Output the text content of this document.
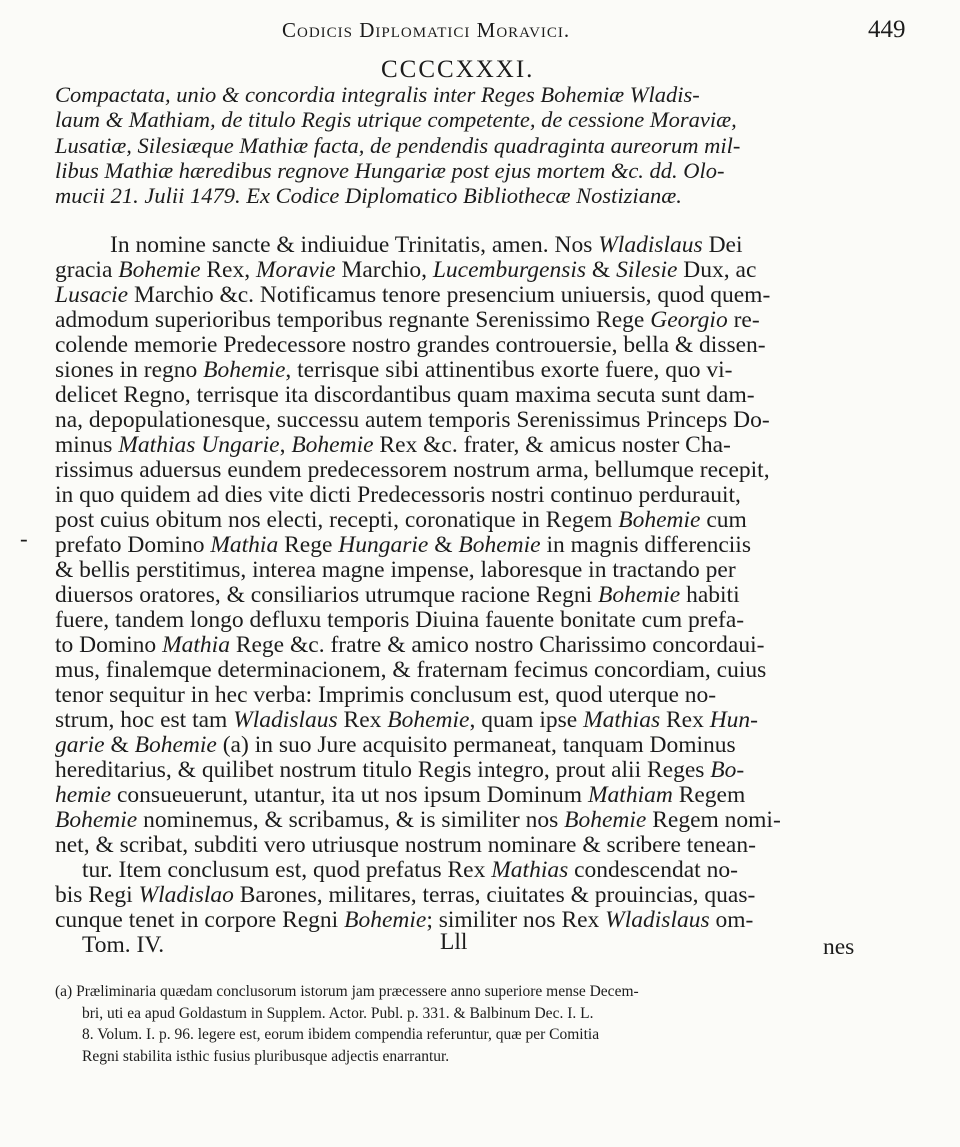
Codicis Diplomatici Moravici.	449
CCCCXXXI.
Compactata, unio & concordia integralis inter Reges Bohemiæ Wladis-
laum & Mathiam, de titulo Regis utrique competente, de cessione Moraviæ,
Lusatiæ, Silesiæque Mathiæ facta, de pendendis quadraginta aureorum mil-
libus Mathiæ hæredibus regnove Hungariæ post ejus mortem &c. dd. Olo-
mucii 21. Julii 1479. Ex Codice Diplomatico Bibliothecæ Nostizianæ.
In nomine sancte & indiuidue Trinitatis, amen. Nos Wladislaus Dei
gracia Bohemie Rex, Moravie Marchio, Lucemburgensis & Silesie Dux, ac
Lusacie Marchio &c. Notificamus tenore presencium uniuersis, quod quem-
admodum superioribus temporibus regnante Serenissimo Rege Georgio re-
colende memorie Predecessore nostro grandes controuersie, bella & dissen-
siones in regno Bohemie, terrisque sibi attinentibus exorte fuere, quo vi-
delicet Regno, terrisque ita discordantibus quam maxima secuta sunt dam-
na, depopulationesque, successu autem temporis Serenissimus Princeps Do-
minus Mathias Ungarie, Bohemie Rex &c. frater, & amicus noster Cha-
rissimus aduersus eundem predecessorem nostrum arma, bellumque recepit,
in quo quidem ad dies vite dicti Predecessoris nostri continuo perdurauit,
post cuius obitum nos electi, recepti, coronatique in Regem Bohemie cum
prefato Domino Mathia Rege Hungarie & Bohemie in magnis differenciis
& bellis perstitimus, interea magne impense, laboresque in tractando per
diuersos oratores, & consiliarios utrumque racione Regni Bohemie habiti
fuere, tandem longo defluxu temporis Diuina fauente bonitate cum prefa-
to Domino Mathia Rege &c. fratre & amico nostro Charissimo concordaui-
mus, finalemque determinacionem, & fraternam fecimus concordiam, cuius
tenor sequitur in hec verba: Imprimis conclusum est, quod uterque no-
strum, hoc est tam Wladislaus Rex Bohemie, quam ipse Mathias Rex Hun-
garie & Bohemie (a) in suo Jure acquisito permaneat, tanquam Dominus
hereditarius, & quilibet nostrum titulo Regis integro, prout alii Reges Bo-
hemie consueuerunt, utantur, ita ut nos ipsum Dominum Mathiam Regem
Bohemie nominemus, & scribamus, & is similiter nos Bohemie Regem nomi-
net, & scribat, subditi vero utriusque nostrum nominare & scribere tenean-
tur. Item conclusum est, quod prefatus Rex Mathias condescendat no-
bis Regi Wladislao Barones, militares, terras, ciuitates & prouincias, quas-
cunque tenet in corpore Regni Bohemie; similiter nos Rex Wladislaus om-
-
Tom. IV.	Lll	nes
(a) Præliminaria quædam conclusorum istorum jam præcessere anno superiore mense Decem-
bri, uti ea apud Goldastum in Supplem. Actor. Publ. p. 331. & Balbinum Dec. I. L.
8. Volum. I. p. 96. legere est, eorum ibidem compendia referuntur, quæ per Comitia
Regni stabilita isthic fusius pluribusque adjectis enarrantur.
